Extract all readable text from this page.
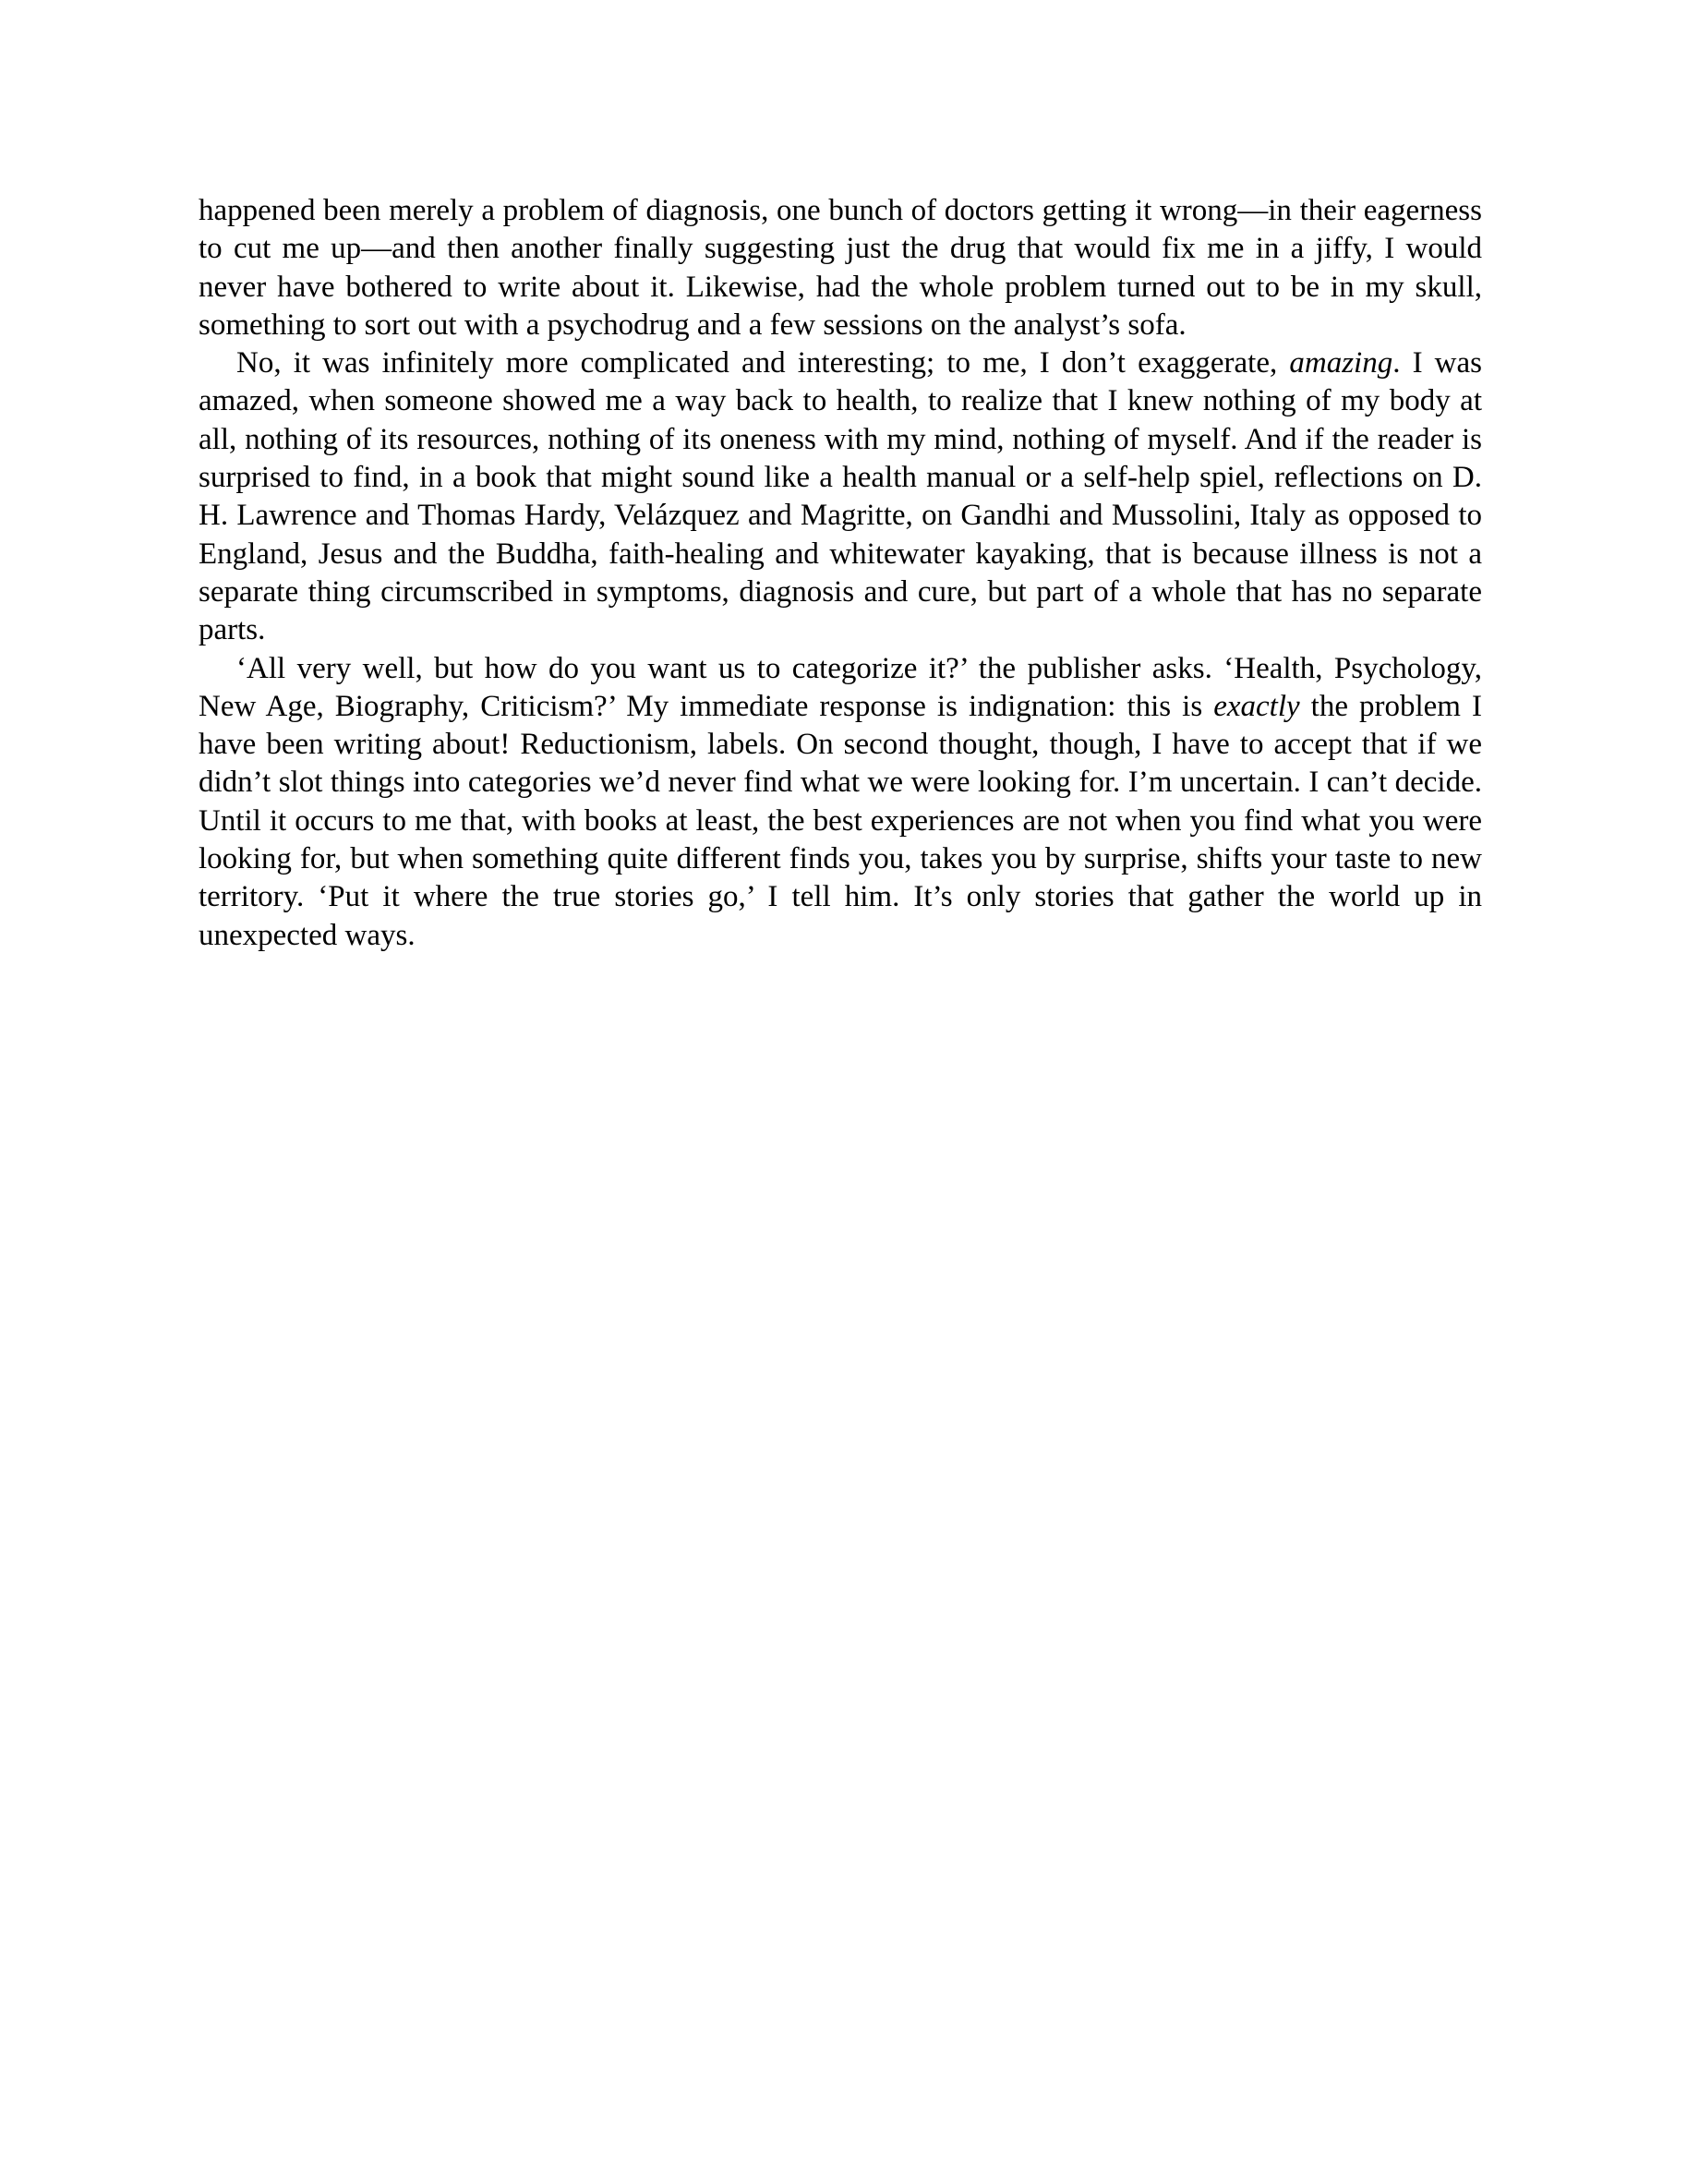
happened been merely a problem of diagnosis, one bunch of doctors getting it wrong—in their eagerness to cut me up—and then another finally suggesting just the drug that would fix me in a jiffy, I would never have bothered to write about it. Likewise, had the whole problem turned out to be in my skull, something to sort out with a psychodrug and a few sessions on the analyst’s sofa.

No, it was infinitely more complicated and interesting; to me, I don’t exaggerate, amazing. I was amazed, when someone showed me a way back to health, to realize that I knew nothing of my body at all, nothing of its resources, nothing of its oneness with my mind, nothing of myself. And if the reader is surprised to find, in a book that might sound like a health manual or a self-help spiel, reflections on D. H. Lawrence and Thomas Hardy, Velázquez and Magritte, on Gandhi and Mussolini, Italy as opposed to England, Jesus and the Buddha, faith-healing and whitewater kayaking, that is because illness is not a separate thing circumscribed in symptoms, diagnosis and cure, but part of a whole that has no separate parts.

‘All very well, but how do you want us to categorize it?’ the publisher asks. ‘Health, Psychology, New Age, Biography, Criticism?’ My immediate response is indignation: this is exactly the problem I have been writing about! Reductionism, labels. On second thought, though, I have to accept that if we didn’t slot things into categories we’d never find what we were looking for. I’m uncertain. I can’t decide. Until it occurs to me that, with books at least, the best experiences are not when you find what you were looking for, but when something quite different finds you, takes you by surprise, shifts your taste to new territory. ‘Put it where the true stories go,’ I tell him. It’s only stories that gather the world up in unexpected ways.
